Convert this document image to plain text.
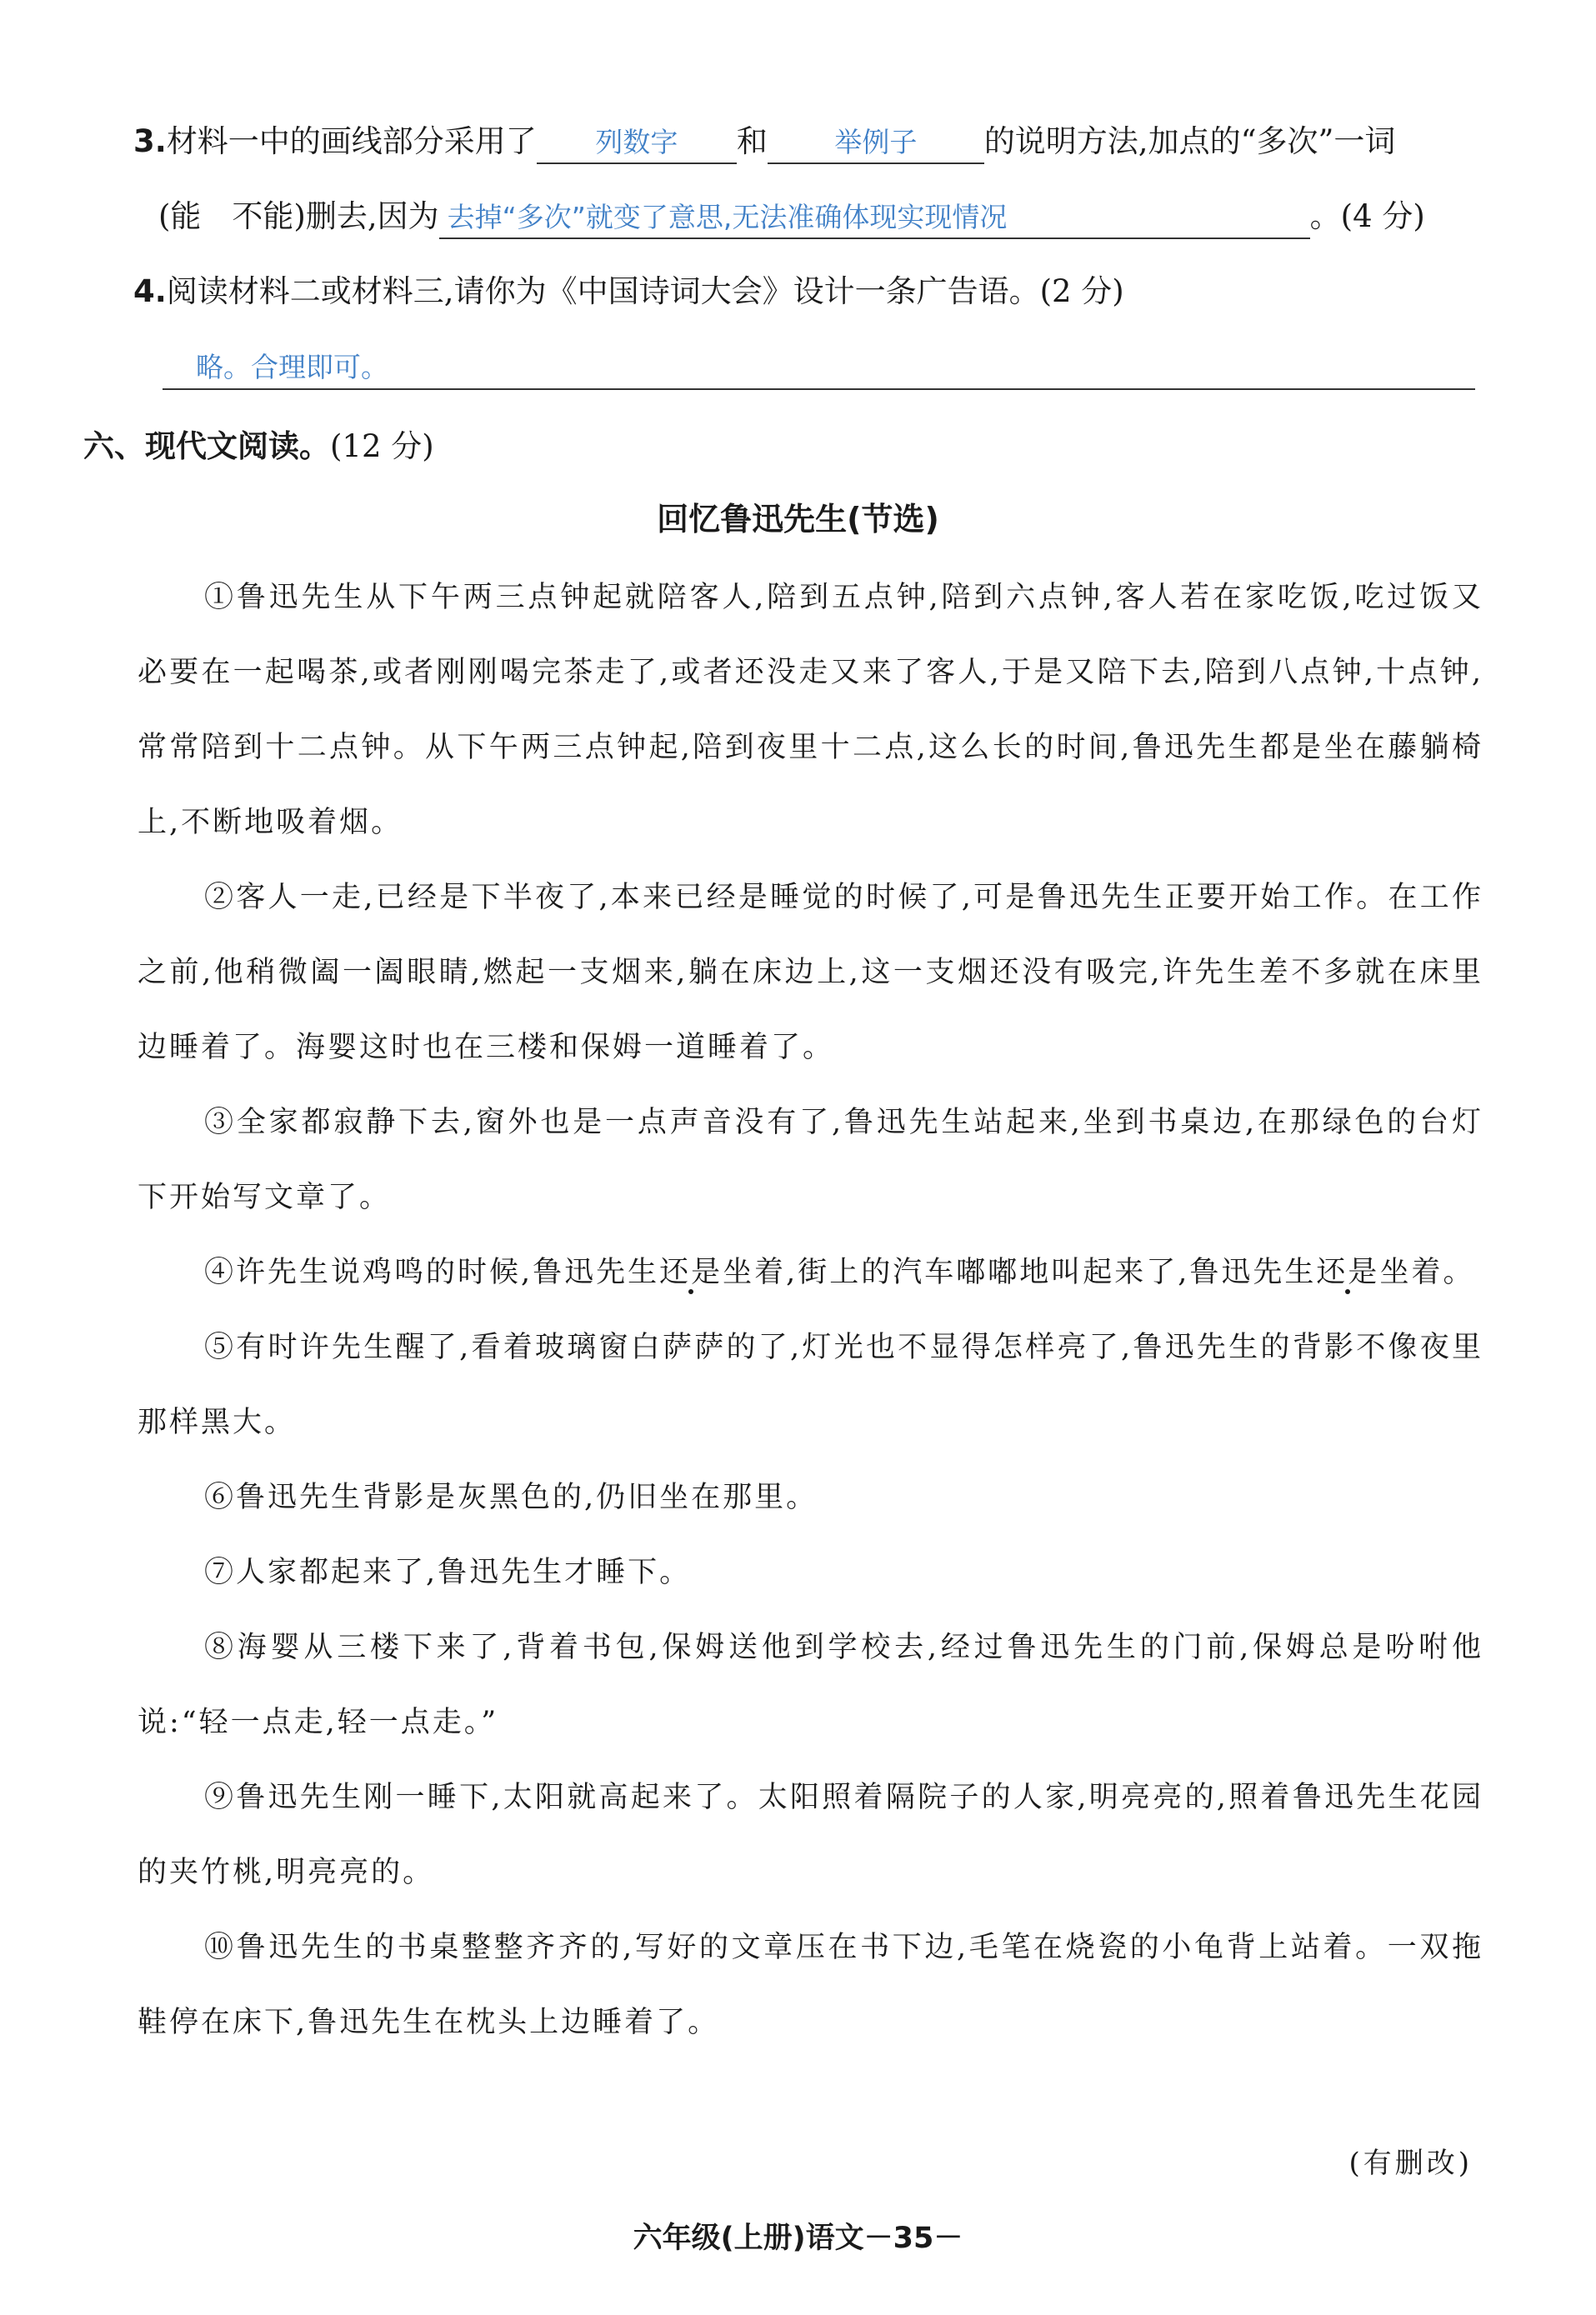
3.材料一中的画线部分采用了 列数字 和 举例子 的说明方法,加点的“多次”一词
(能　不能)删去,因为 去掉“多次”就变了意思,无法准确体现实现情况	。(4 分)
4.阅读材料二或材料三,请你为《中国诗词大会》设计一条广告语。(2 分)
略。合理即可。
六、现代文阅读。(12 分)
回忆鲁迅先生(节选)

①鲁迅先生从下午两三点钟起就陪客人,陪到五点钟,陪到六点钟,客人若在家吃饭,吃过饭又必要在一起喝茶,或者刚刚喝完茶走了,或者还没走又来了客人,于是又陪下去,陪到八点钟,十点钟,常常陪到十二点钟。从下午两三点钟起,陪到夜里十二点,这么长的时间,鲁迅先生都是坐在藤躺椅上,不断地吸着烟。

②客人一走,已经是下半夜了,本来已经是睡觉的时候了,可是鲁迅先生正要开始工作。在工作之前,他稍微阖一阖眼睛,燃起一支烟来,躺在床边上,这一支烟还没有吸完,许先生差不多就在床里边睡着了。海婴这时也在三楼和保姆一道睡着了。

③全家都寂静下去,窗外也是一点声音没有了,鲁迅先生站起来,坐到书桌边,在那绿色的台灯下开始写文章了。

④许先生说鸡鸣的时候,鲁迅先生还是坐着,街上的汽车嘟嘟地叫起来了,鲁迅先生还是坐着。

⑤有时许先生醒了,看着玻璃窗白萨萨的了,灯光也不显得怎样亮了,鲁迅先生的背影不像夜里那样黑大。

⑥鲁迅先生背影是灰黑色的,仍旧坐在那里。

⑦人家都起来了,鲁迅先生才睡下。

⑧海婴从三楼下来了,背着书包,保姆送他到学校去,经过鲁迅先生的门前,保姆总是吩咐他说:“轻一点走,轻一点走。”

⑨鲁迅先生刚一睡下,太阳就高起来了。太阳照着隔院子的人家,明亮亮的,照着鲁迅先生花园的夹竹桃,明亮亮的。

⑩鲁迅先生的书桌整整齐齐的,写好的文章压在书下边,毛笔在烧瓷的小龟背上站着。一双拖鞋停在床下,鲁迅先生在枕头上边睡着了。

(有删改)
六年级(上册)语文－35－
